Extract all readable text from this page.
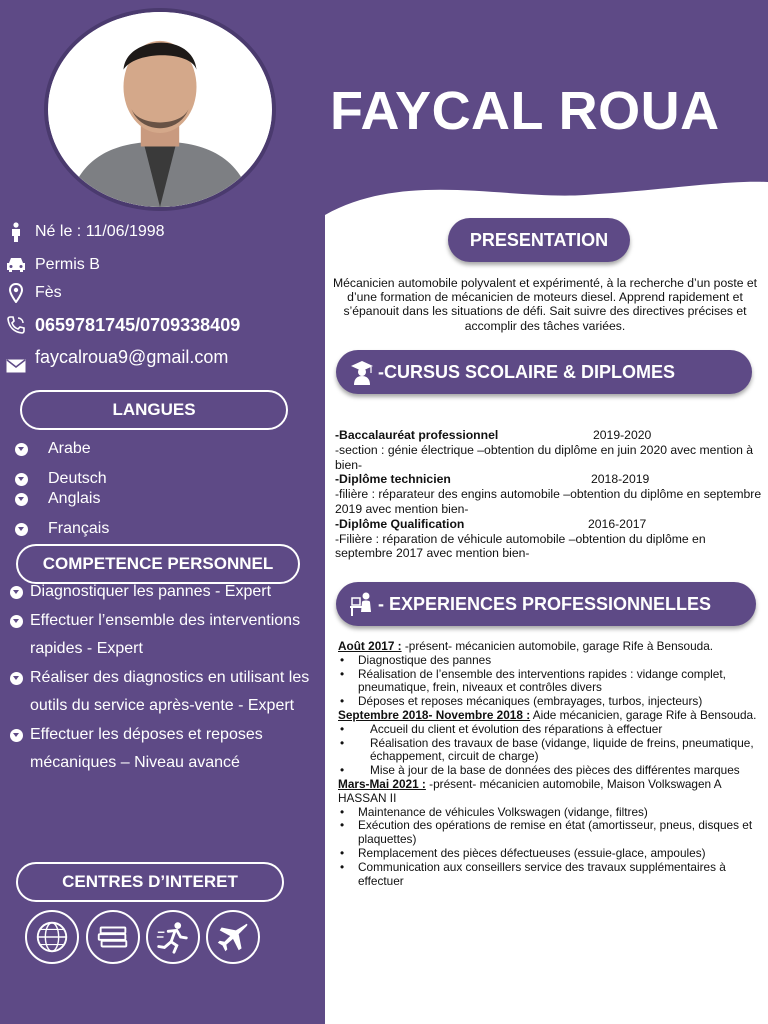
FAYCAL ROUA
Né le : 11/06/1998
Permis B
Fès
0659781745/0709338409
faycalroua9@gmail.com
LANGUES
Arabe
Deutsch
Anglais
Français
COMPETENCE PERSONNEL
Diagnostiquer les pannes - Expert
Effectuer l’ensemble des interventions rapides - Expert
Réaliser des diagnostics en utilisant les outils du service après-vente - Expert
Effectuer les déposes et reposes mécaniques – Niveau avancé
CENTRES D’INTERET
PRESENTATION
Mécanicien automobile polyvalent et expérimenté, à la recherche d’un poste et d’une formation de mécanicien de moteurs diesel. Apprend rapidement et s’épanouit dans les situations de défi. Sait suivre des directives précises et accomplir des tâches variées.
-CURSUS SCOLAIRE & DIPLOMES
-Baccalauréat professionnel	2019-2020
-section : génie électrique –obtention du diplôme en juin 2020 avec mention à bien-
-Diplôme technicien	2018-2019
-filière : réparateur des engins automobile –obtention du diplôme en septembre 2019 avec mention bien-
-Diplôme Qualification	2016-2017
-Filière : réparation de véhicule automobile –obtention du diplôme en septembre 2017 avec mention bien-
- EXPERIENCES PROFESSIONNELLES
Août 2017 : -présent- mécanicien automobile, garage Rife à Bensouda.
• Diagnostique des pannes
• Réalisation de l’ensemble des interventions rapides : vidange complet, pneumatique, frein, niveaux et contrôles divers
• Déposes et reposes mécaniques (embrayages, turbos, injecteurs)
Septembre 2018- Novembre 2018 : Aide mécanicien, garage Rife à Bensouda.
• Accueil du client et évolution des réparations à effectuer
• Réalisation des travaux de base (vidange, liquide de freins, pneumatique, échappement, circuit de charge)
• Mise à jour de la base de données des pièces des différentes marques
Mars-Mai 2021 : -présent- mécanicien automobile, Maison Volkswagen A HASSAN II
• Maintenance de véhicules Volkswagen (vidange, filtres)
• Exécution des opérations de remise en état (amortisseur, pneus, disques et plaquettes)
• Remplacement des pièces défectueuses (essuie-glace, ampoules)
• Communication aux conseillers service des travaux supplémentaires à effectuer
